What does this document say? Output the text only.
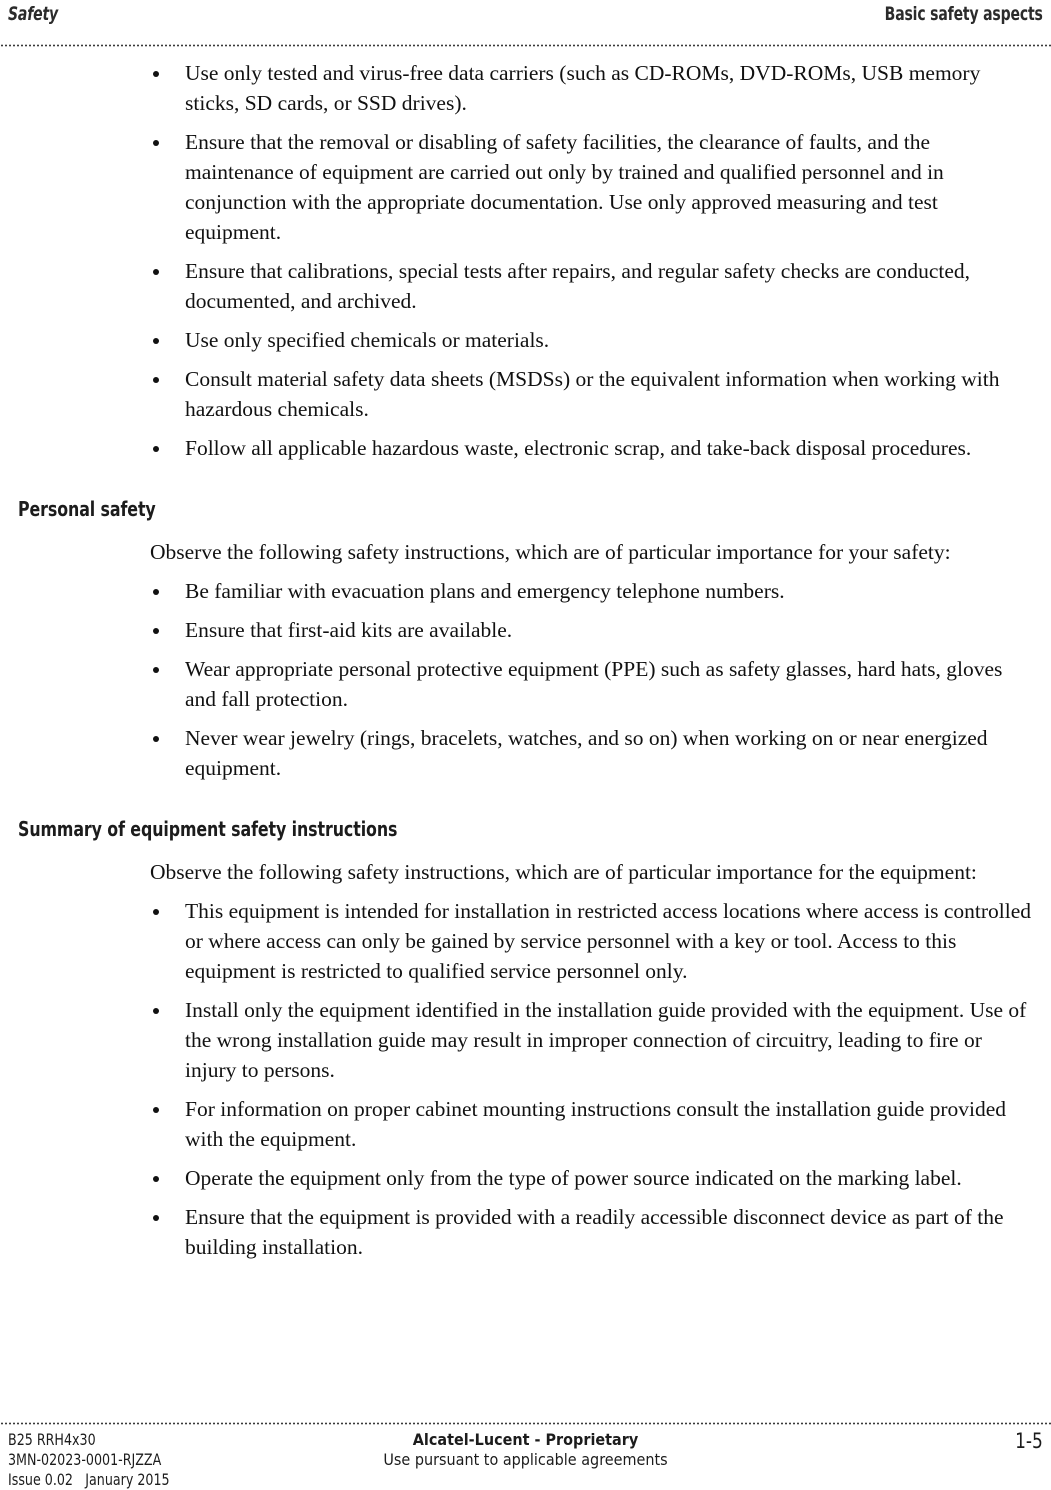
Safety	Basic safety aspects
Use only tested and virus-free data carriers (such as CD-ROMs, DVD-ROMs, USB memory sticks, SD cards, or SSD drives).
Ensure that the removal or disabling of safety facilities, the clearance of faults, and the maintenance of equipment are carried out only by trained and qualified personnel and in conjunction with the appropriate documentation. Use only approved measuring and test equipment.
Ensure that calibrations, special tests after repairs, and regular safety checks are conducted, documented, and archived.
Use only specified chemicals or materials.
Consult material safety data sheets (MSDSs) or the equivalent information when working with hazardous chemicals.
Follow all applicable hazardous waste, electronic scrap, and take-back disposal procedures.
Personal safety

Observe the following safety instructions, which are of particular importance for your safety:

Be familiar with evacuation plans and emergency telephone numbers.
Ensure that first-aid kits are available.
Wear appropriate personal protective equipment (PPE) such as safety glasses, hard hats, gloves and fall protection.
Never wear jewelry (rings, bracelets, watches, and so on) when working on or near energized equipment.
Summary of equipment safety instructions

Observe the following safety instructions, which are of particular importance for the equipment:

This equipment is intended for installation in restricted access locations where access is controlled or where access can only be gained by service personnel with a key or tool. Access to this equipment is restricted to qualified service personnel only.
Install only the equipment identified in the installation guide provided with the equipment. Use of the wrong installation guide may result in improper connection of circuitry, leading to fire or injury to persons.
For information on proper cabinet mounting instructions consult the installation guide provided with the equipment.
Operate the equipment only from the type of power source indicated on the marking label.
Ensure that the equipment is provided with a readily accessible disconnect device as part of the building installation.
B25 RRH4x30
3MN-02023-0001-RJZZA
Issue 0.02 January 2015
Alcatel-Lucent - Proprietary
Use pursuant to applicable agreements
1-5
